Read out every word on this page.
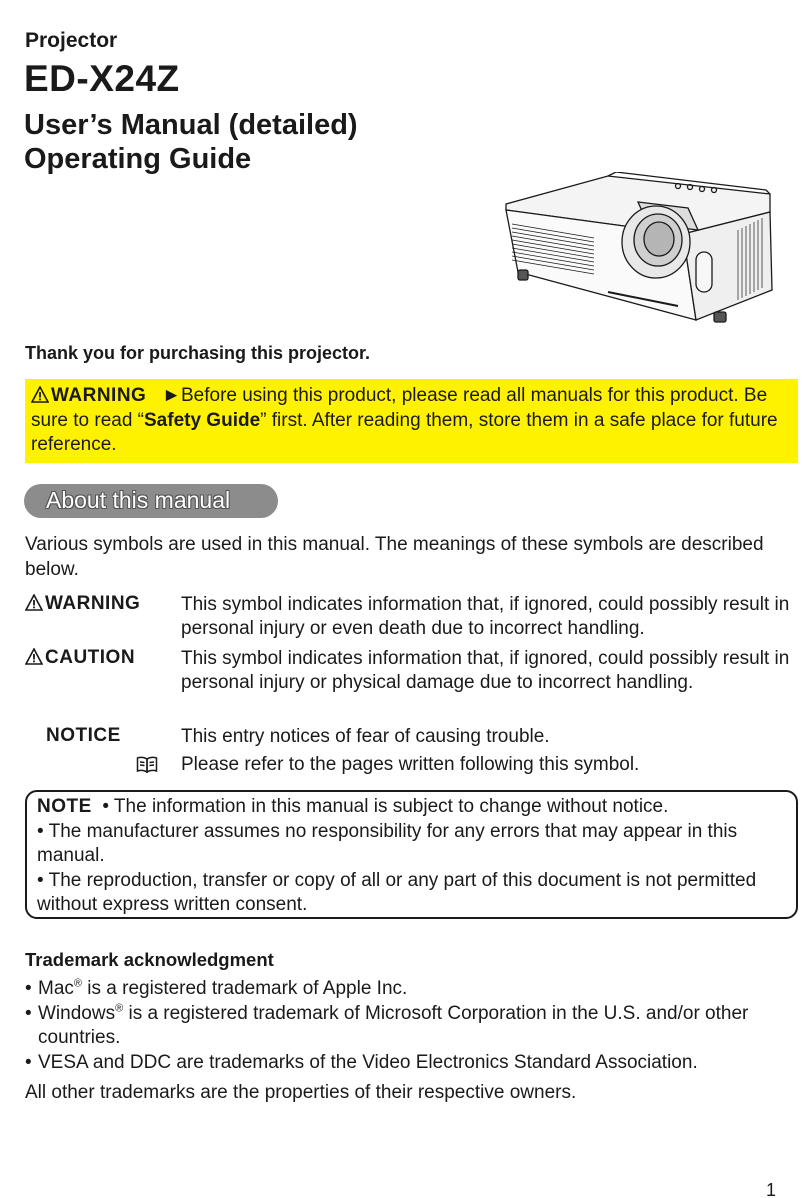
Projector
ED-X24Z
User’s Manual (detailed)
Operating Guide
Thank you for purchasing this projector.
WARNING ►Before using this product, please read all manuals for this product. Be sure to read “Safety Guide” first. After reading them, store them in a safe place for future reference.
About this manual
Various symbols are used in this manual. The meanings of these symbols are described below.
WARNING This symbol indicates information that, if ignored, could possibly result in personal injury or even death due to incorrect handling.
CAUTION This symbol indicates information that, if ignored, could possibly result in personal injury or physical damage due to incorrect handling.
NOTICE	This entry notices of fear of causing trouble.
Please refer to the pages written following this symbol.
NOTE • The information in this manual is subject to change without notice.
• The manufacturer assumes no responsibility for any errors that may appear in this manual.
• The reproduction, transfer or copy of all or any part of this document is not permitted without express written consent.
Trademark acknowledgment
• Mac® is a registered trademark of Apple Inc.
• Windows® is a registered trademark of Microsoft Corporation in the U.S. and/or other countries.
• VESA and DDC are trademarks of the Video Electronics Standard Association.
All other trademarks are the properties of their respective owners.
1
